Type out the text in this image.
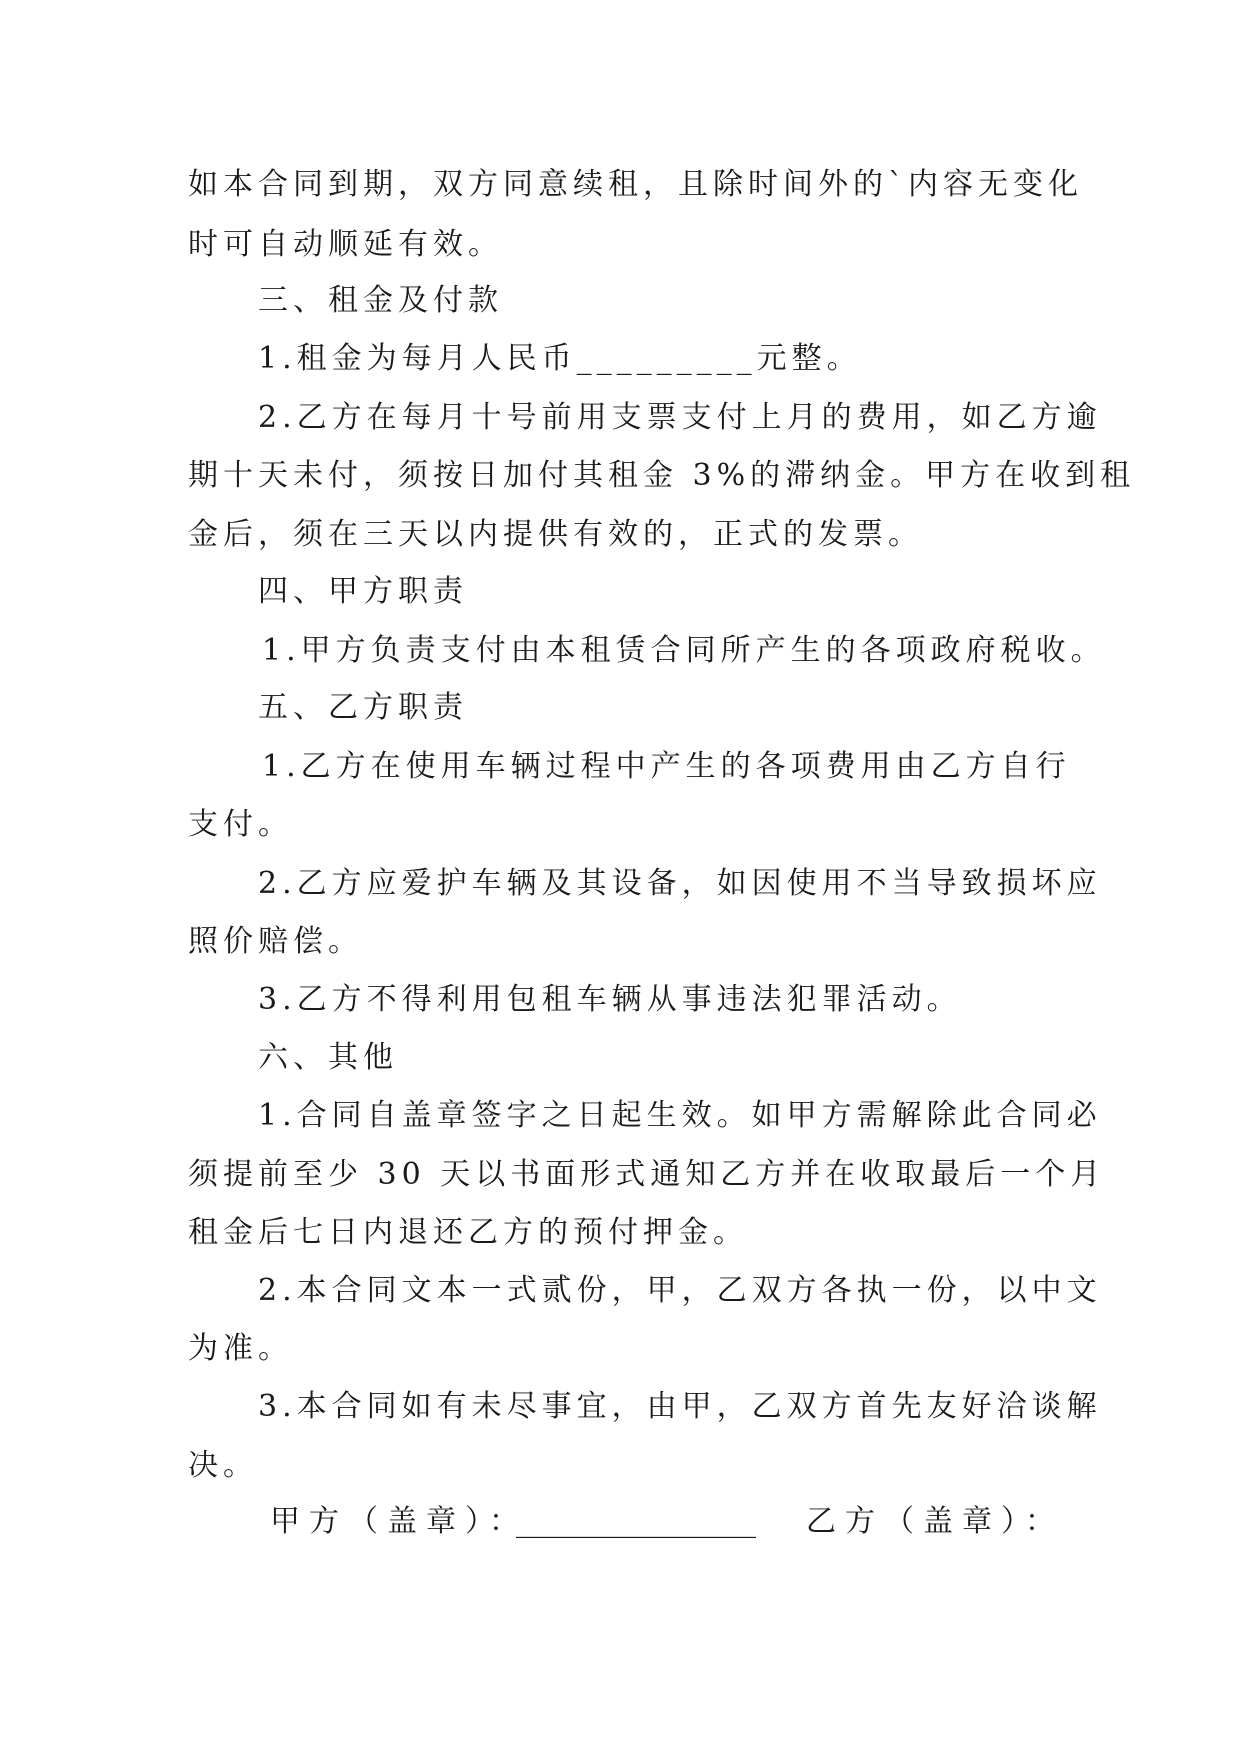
如本合同到期，双方同意续租，且除时间外的`内容无变化
时可自动顺延有效。
三、租金及付款
1.租金为每月人民币_________元整。
2.乙方在每月十号前用支票支付上月的费用，如乙方逾
期十天未付，须按日加付其租金 3%的滞纳金。甲方在收到租
金后，须在三天以内提供有效的，正式的发票。
四、甲方职责
1.甲方负责支付由本租赁合同所产生的各项政府税收。
五、乙方职责
1.乙方在使用车辆过程中产生的各项费用由乙方自行
支付。
2.乙方应爱护车辆及其设备，如因使用不当导致损坏应
照价赔偿。
3.乙方不得利用包租车辆从事违法犯罪活动。
六、其他
1.合同自盖章签字之日起生效。如甲方需解除此合同必
须提前至少 30 天以书面形式通知乙方并在收取最后一个月
租金后七日内退还乙方的预付押金。
2.本合同文本一式贰份，甲，乙双方各执一份，以中文
为准。
3.本合同如有未尽事宜，由甲，乙双方首先友好洽谈解
决。
甲方（盖章）：
________________ 乙方（盖章）：
